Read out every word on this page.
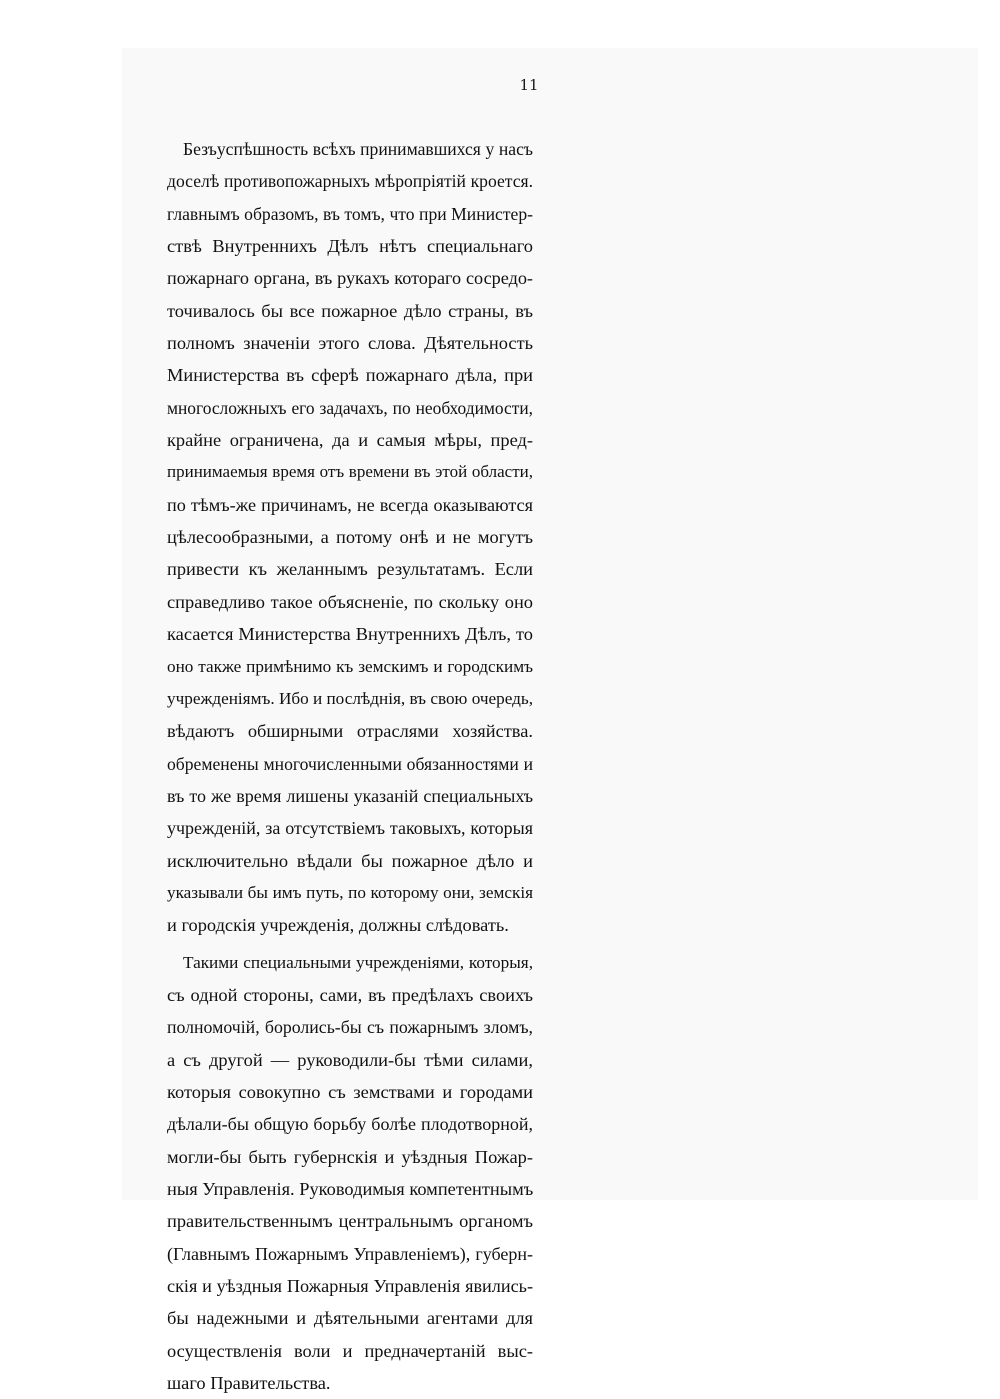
11
Безъуспѣшность всѣхъ принимавшихся у насъ
доселѣ противопожарныхъ мѣропріятій кроется.
главнымъ образомъ, въ томъ, что при Министер-
ствѣ Внутреннихъ Дѣлъ нѣтъ специальнаго
пожарнаго органа, въ рукахъ котораго сосредо-
точивалось бы все пожарное дѣло страны, въ
полномъ значеніи этого слова. Дѣятельность
Министерства въ сферѣ пожарнаго дѣла, при
многосложныхъ его задачахъ, по необходимости,
крайне ограничена, да и самыя мѣры, пред-
принимаемыя время отъ времени въ этой области,
по тѣмъ-же причинамъ, не всегда оказываются
цѣлесообразными, а потому онѣ и не могутъ
привести къ желаннымъ результатамъ. Если
справедливо такое объясненіе, по скольку оно
касается Министерства Внутреннихъ Дѣлъ, то
оно также примѣнимо къ земскимъ и городскимъ
учрежденіямъ. Ибо и послѣднія, въ свою очередь,
вѣдаютъ обширными отраслями хозяйства.
обременены многочисленными обязанностями и
въ то же время лишены указаній специальныхъ
учрежденій, за отсутствіемъ таковыхъ, которыя
исключительно вѣдали бы пожарное дѣло и
указывали бы имъ путь, по которому они, земскія
и городскія учрежденія, должны слѣдовать.
Такими специальными учрежденіями, которыя,
съ одной стороны, сами, въ предѣлахъ своихъ
полномочій, боролись-бы съ пожарнымъ зломъ,
а съ другой — руководили-бы тѣми силами,
которыя совокупно съ земствами и городами
дѣлали-бы общую борьбу болѣе плодотворной,
могли-бы быть губернскія и уѣздныя Пожар-
ныя Управленія. Руководимыя компетентнымъ
правительственнымъ центральнымъ органомъ
(Главнымъ Пожарнымъ Управленіемъ), губерн-
скія и уѣздныя Пожарныя Управленія явились-
бы надежными и дѣятельными агентами для
осуществленія воли и предначертаній выс-
шаго Правительства.
